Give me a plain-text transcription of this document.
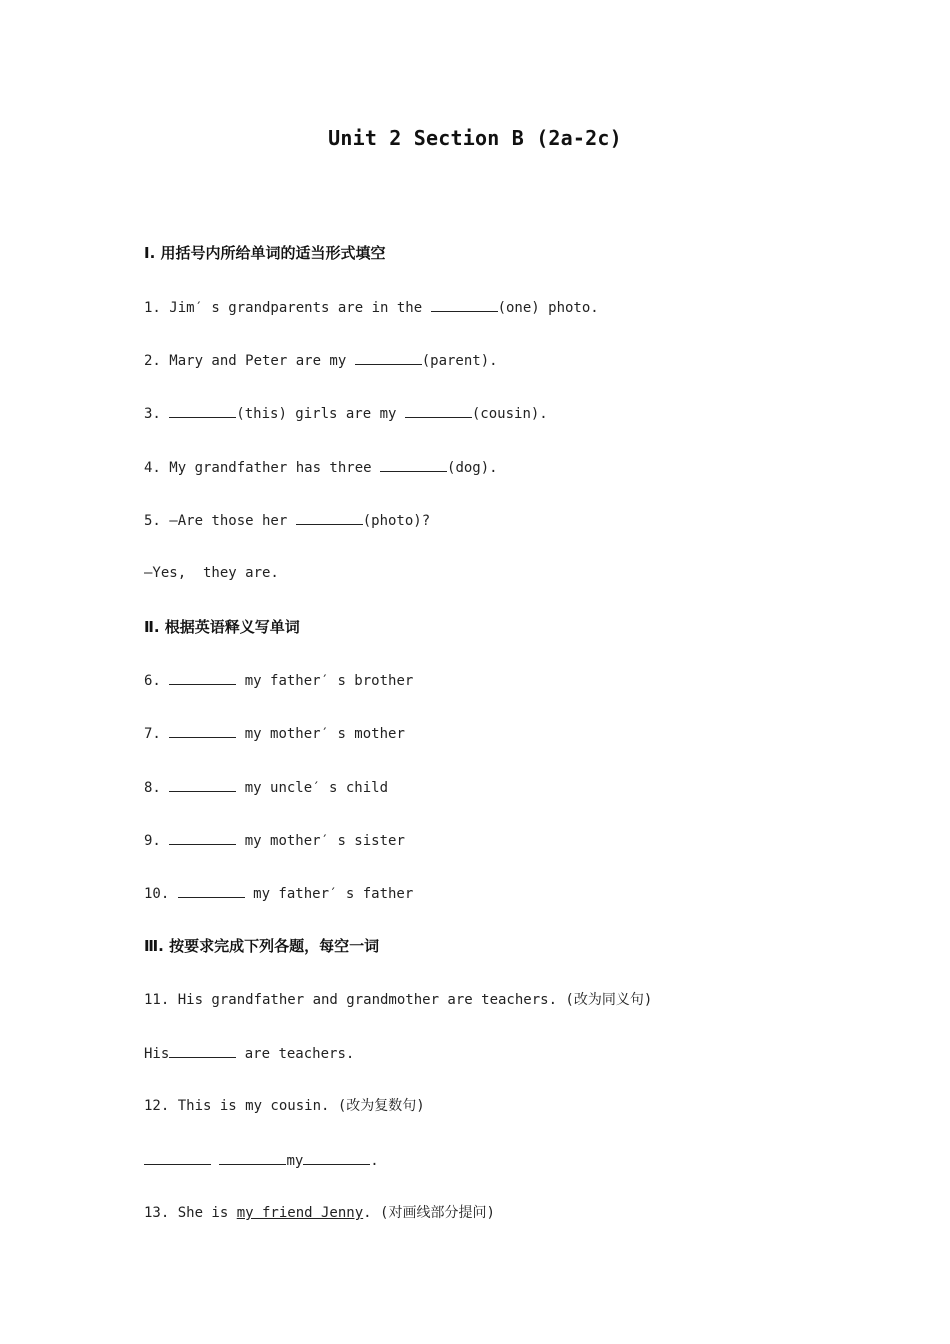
Unit 2 Section B (2a-2c)
Ⅰ. 用括号内所给单词的适当形式填空
1. Jim′ s grandparents are in the	(one) photo.
2. Mary and Peter are my	(parent).
3.	(this) girls are my	(cousin).
4. My grandfather has three	(dog).
5. —Are those her	(photo)?
—Yes,  they are.
Ⅱ. 根据英语释义写单词
6.	my father′ s brother
7.	my mother′ s mother
8.	my uncle′ s child
9.	my mother′ s sister
10.	my father′ s father
Ⅲ. 按要求完成下列各题，每空一词
11. His grandfather and grandmother are teachers. (改为同义句)
His	are teachers.
12. This is my cousin. (改为复数句)
my	.
13. She is my friend Jenny. (对画线部分提问)
